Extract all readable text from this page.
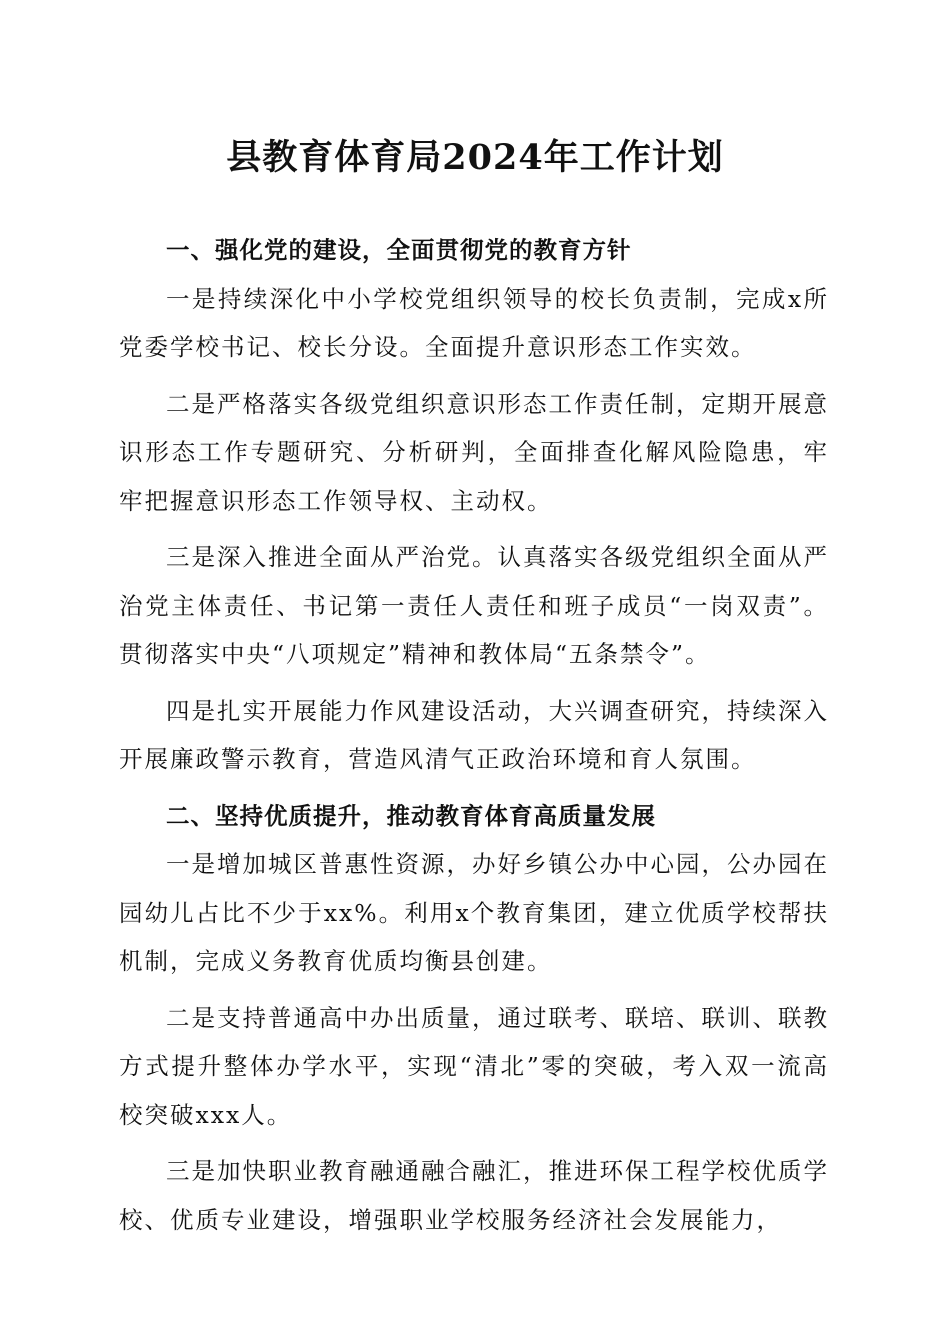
县教育体育局2024年工作计划
一、强化党的建设，全面贯彻党的教育方针

一是持续深化中小学校党组织领导的校长负责制，完成x所党委学校书记、校长分设。全面提升意识形态工作实效。

二是严格落实各级党组织意识形态工作责任制，定期开展意识形态工作专题研究、分析研判，全面排查化解风险隐患，牢牢把握意识形态工作领导权、主动权。

三是深入推进全面从严治党。认真落实各级党组织全面从严治党主体责任、书记第一责任人责任和班子成员“一岗双责”。贯彻落实中央“八项规定”精神和教体局“五条禁令”。

四是扎实开展能力作风建设活动，大兴调查研究，持续深入开展廉政警示教育，营造风清气正政治环境和育人氛围。

二、坚持优质提升，推动教育体育高质量发展

一是增加城区普惠性资源，办好乡镇公办中心园，公办园在园幼儿占比不少于xx%。利用x个教育集团，建立优质学校帮扶机制，完成义务教育优质均衡县创建。

二是支持普通高中办出质量，通过联考、联培、联训、联教方式提升整体办学水平，实现“清北”零的突破，考入双一流高校突破xxx人。

三是加快职业教育融通融合融汇，推进环保工程学校优质学校、优质专业建设，增强职业学校服务经济社会发展能力，
